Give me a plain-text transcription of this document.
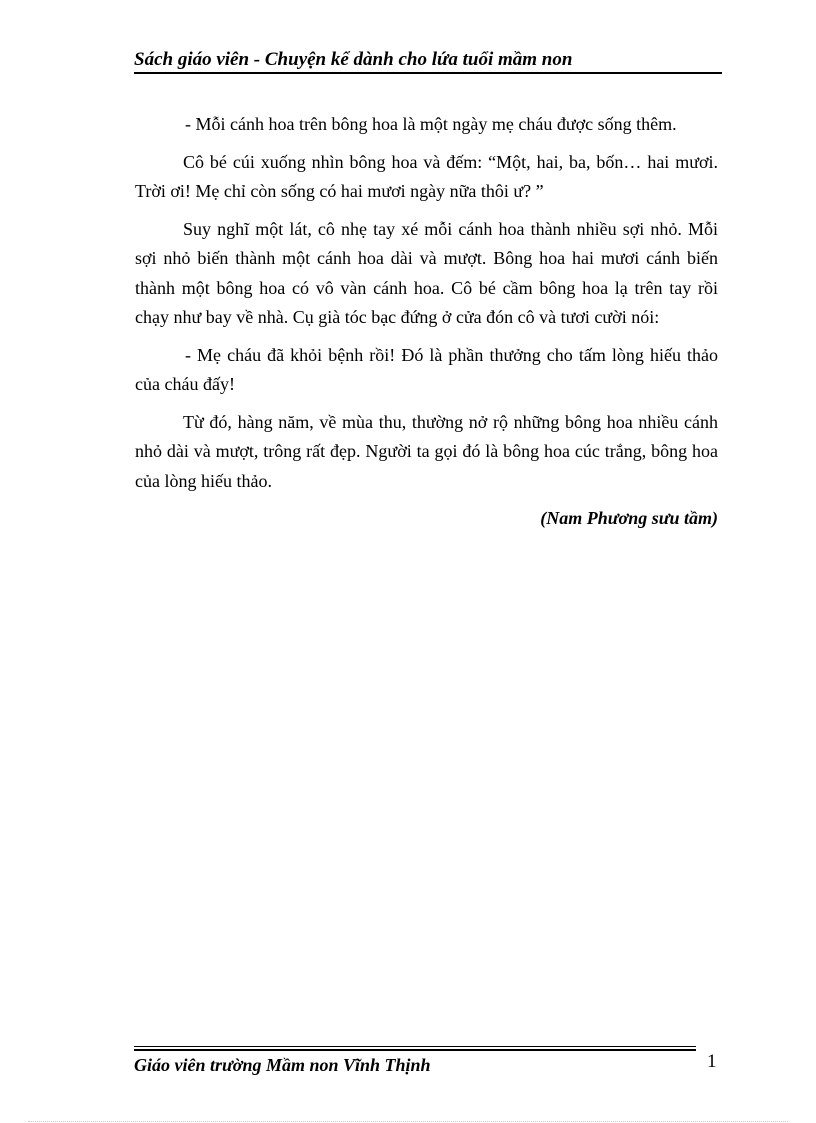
Sách giáo viên - Chuyện kể dành cho lứa tuổi mầm non

- Mỗi cánh hoa trên bông hoa là một ngày mẹ cháu được sống thêm.

Cô bé cúi xuống nhìn bông hoa và đếm: “Một, hai, ba, bốn… hai mươi. Trời ơi! Mẹ chỉ còn sống có hai mươi ngày nữa thôi ư? ”

Suy nghĩ một lát, cô nhẹ tay xé mỗi cánh hoa thành nhiều sợi nhỏ. Mỗi sợi nhỏ biến thành một cánh hoa dài và mượt. Bông hoa hai mươi cánh biến thành một bông hoa có vô vàn cánh hoa. Cô bé cầm bông hoa lạ trên tay rồi chạy như bay về nhà. Cụ già tóc bạc đứng ở cửa đón cô và tươi cười nói:

- Mẹ cháu đã khỏi bệnh rồi! Đó là phần thưởng cho tấm lòng hiếu thảo của cháu đấy!

Từ đó, hàng năm, về mùa thu, thường nở rộ những bông hoa nhiều cánh nhỏ dài và mượt, trông rất đẹp. Người ta gọi đó là bông hoa cúc trắng, bông hoa của lòng hiếu thảo.

(Nam Phương sưu tầm)

Giáo viên trường Mầm non Vĩnh Thịnh	1
